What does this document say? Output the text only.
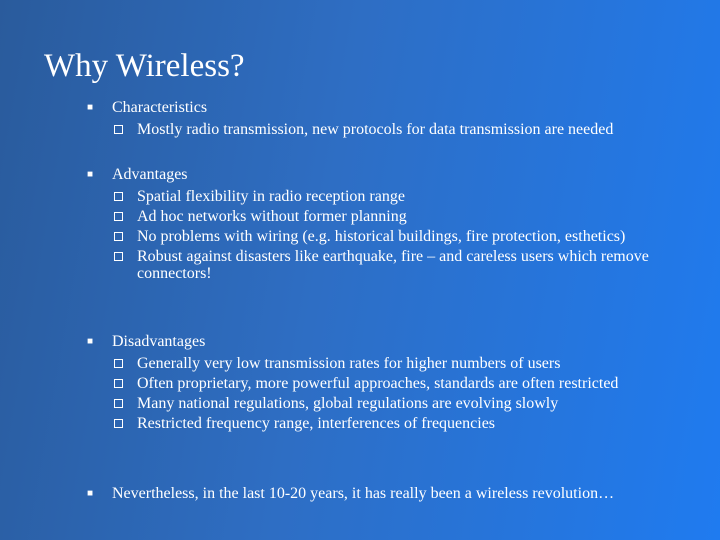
Why Wireless?
■ Characteristics
Mostly radio transmission, new protocols for data transmission are needed
■ Advantages
Spatial flexibility in radio reception range
Ad hoc networks without former planning
No problems with wiring (e.g. historical buildings, fire protection, esthetics)
Robust against disasters like earthquake, fire – and careless users which remove connectors!
■ Disadvantages
Generally very low transmission rates for higher numbers of users
Often proprietary, more powerful approaches, standards are often restricted
Many national regulations, global regulations are evolving slowly
Restricted frequency range, interferences of frequencies
■ Nevertheless, in the last 10-20 years, it has really been a wireless revolution…
